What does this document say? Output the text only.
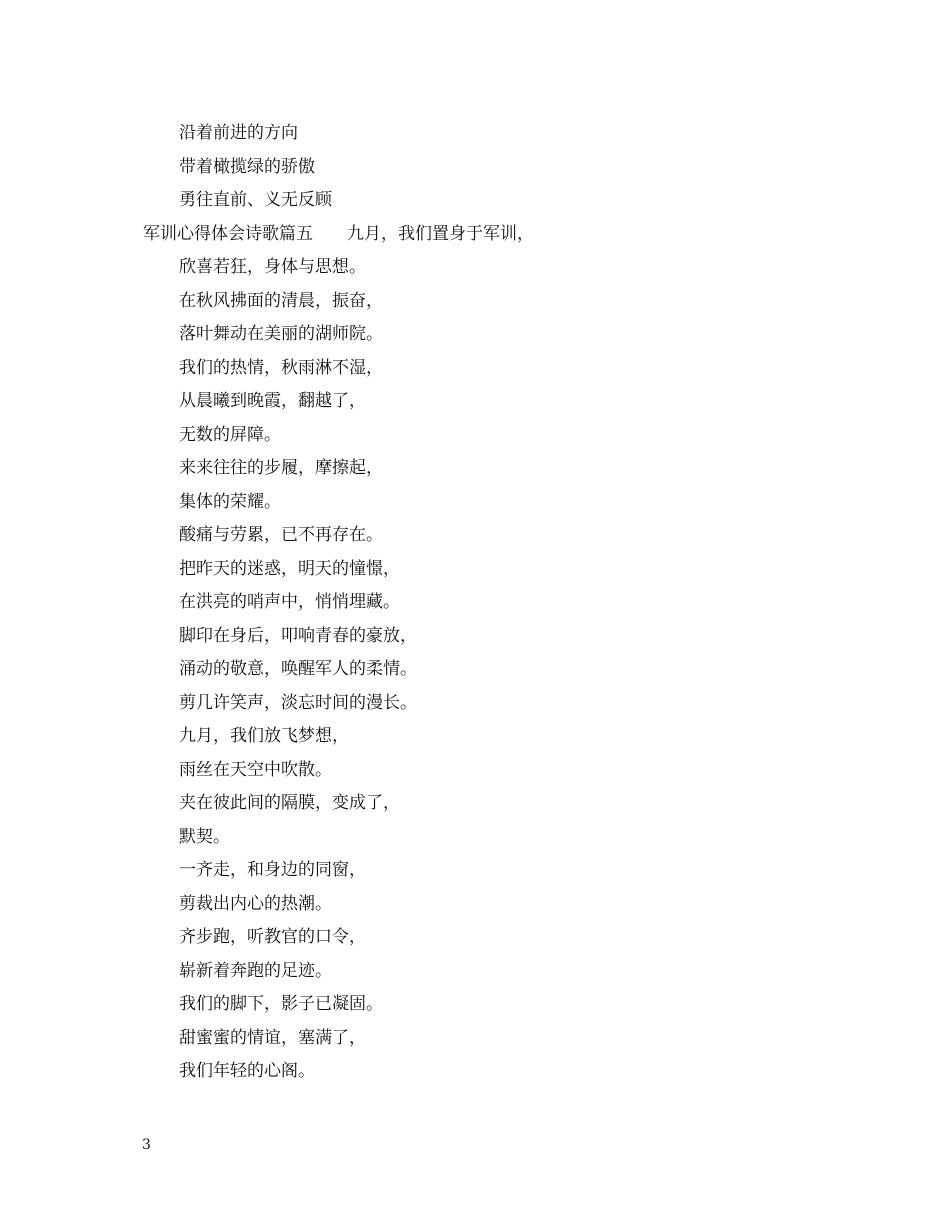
沿着前进的方向
带着橄揽绿的骄傲
勇往直前、义无反顾
军训心得体会诗歌篇五 九月，我们置身于军训，
欣喜若狂，身体与思想。
在秋风拂面的清晨，振奋，
落叶舞动在美丽的湖师院。
我们的热情，秋雨淋不湿，
从晨曦到晚霞，翻越了，
无数的屏障。
来来往往的步履，摩擦起，
集体的荣耀。
酸痛与劳累，已不再存在。
把昨天的迷惑，明天的憧憬，
在洪亮的哨声中，悄悄埋藏。
脚印在身后，叩响青春的豪放，
涌动的敬意，唤醒军人的柔情。
剪几许笑声，淡忘时间的漫长。
九月，我们放飞梦想，
雨丝在天空中吹散。
夹在彼此间的隔膜，变成了，
默契。
一齐走，和身边的同窗，
剪裁出内心的热潮。
齐步跑，听教官的口令，
崭新着奔跑的足迹。
我们的脚下，影子已凝固。
甜蜜蜜的情谊，塞满了，
我们年轻的心阁。
3
